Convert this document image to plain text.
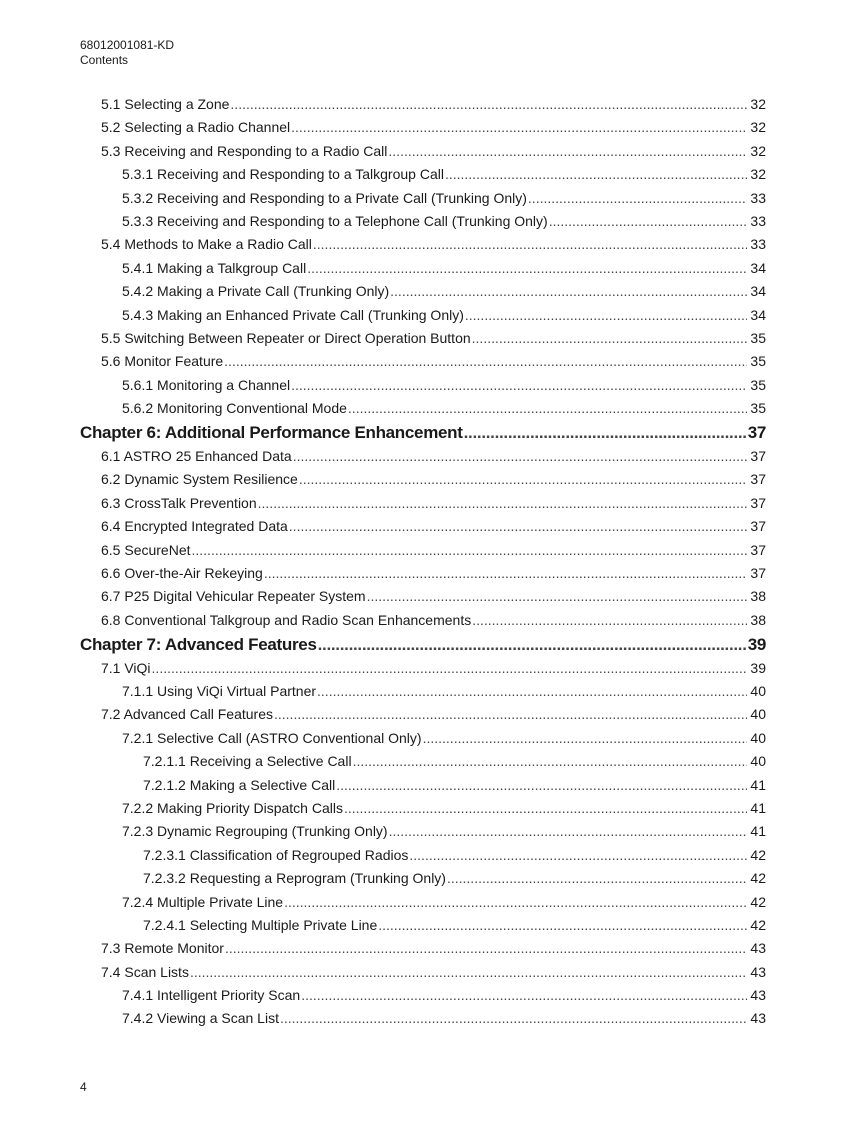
68012001081-KD
Contents
5.1 Selecting a Zone .....	32
5.2 Selecting a Radio Channel .....	32
5.3 Receiving and Responding to a Radio Call .....	32
5.3.1 Receiving and Responding to a Talkgroup Call .....	32
5.3.2 Receiving and Responding to a Private Call (Trunking Only) .....	33
5.3.3 Receiving and Responding to a Telephone Call (Trunking Only) .....	33
5.4 Methods to Make a Radio Call .....	33
5.4.1 Making a Talkgroup Call .....	34
5.4.2 Making a Private Call (Trunking Only) .....	34
5.4.3 Making an Enhanced Private Call (Trunking Only) .....	34
5.5 Switching Between Repeater or Direct Operation Button .....	35
5.6 Monitor Feature .....	35
5.6.1 Monitoring a Channel .....	35
5.6.2 Monitoring Conventional Mode .....	35
Chapter 6: Additional Performance Enhancement .....	37
6.1 ASTRO 25 Enhanced Data .....	37
6.2 Dynamic System Resilience .....	37
6.3 CrossTalk Prevention .....	37
6.4 Encrypted Integrated Data .....	37
6.5 SecureNet .....	37
6.6 Over-the-Air Rekeying .....	37
6.7 P25 Digital Vehicular Repeater System .....	38
6.8 Conventional Talkgroup and Radio Scan Enhancements .....	38
Chapter 7: Advanced Features .....	39
7.1 ViQi .....	39
7.1.1 Using ViQi Virtual Partner .....	40
7.2 Advanced Call Features .....	40
7.2.1 Selective Call (ASTRO Conventional Only) .....	40
7.2.1.1 Receiving a Selective Call .....	40
7.2.1.2 Making a Selective Call .....	41
7.2.2 Making Priority Dispatch Calls .....	41
7.2.3 Dynamic Regrouping (Trunking Only) .....	41
7.2.3.1 Classification of Regrouped Radios .....	42
7.2.3.2 Requesting a Reprogram (Trunking Only) .....	42
7.2.4 Multiple Private Line .....	42
7.2.4.1 Selecting Multiple Private Line .....	42
7.3 Remote Monitor .....	43
7.4 Scan Lists .....	43
7.4.1 Intelligent Priority Scan .....	43
7.4.2 Viewing a Scan List .....	43
4
